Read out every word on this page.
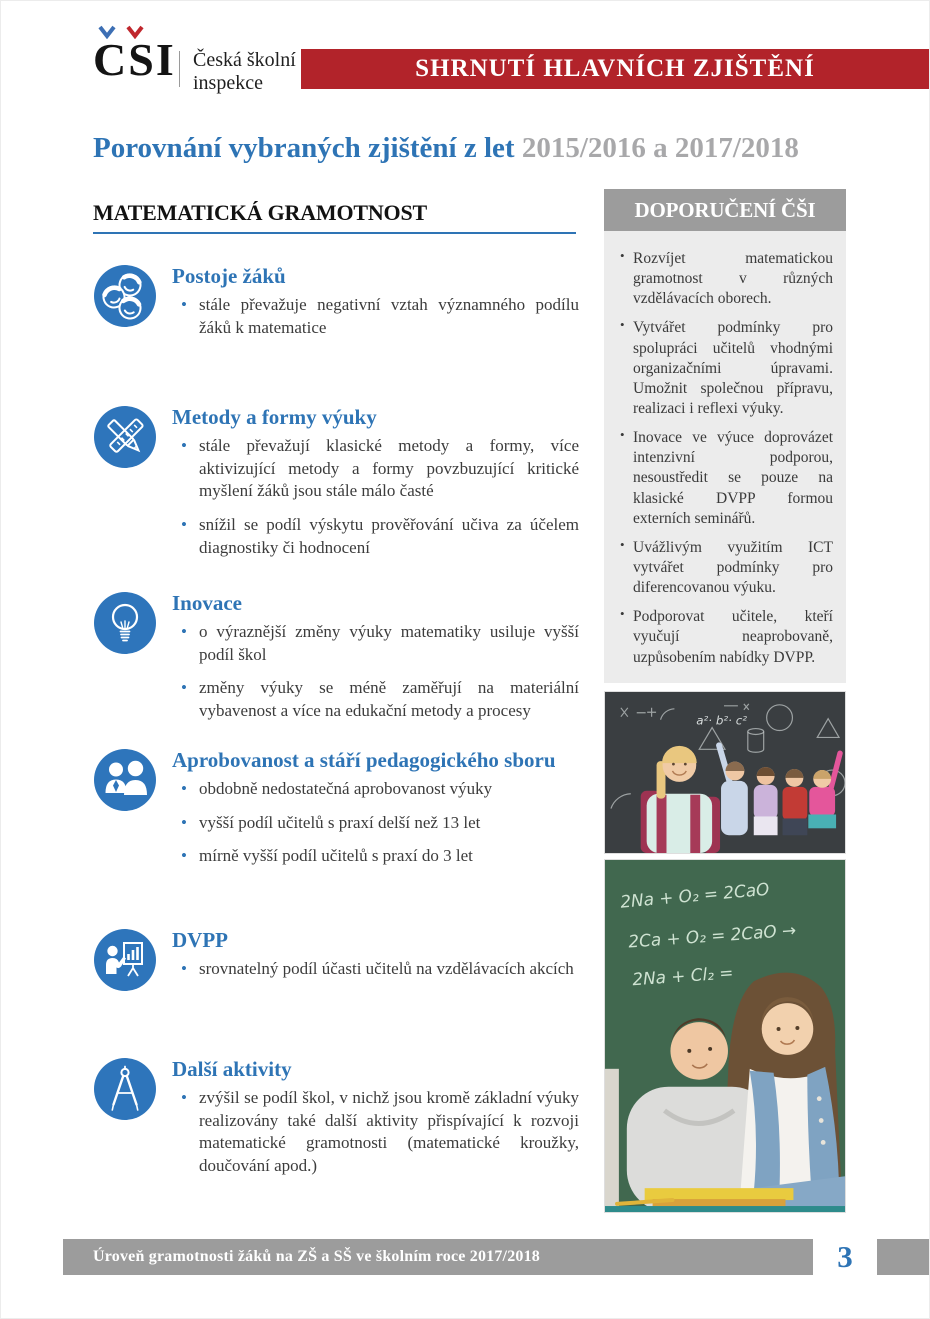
CSI Česká školní
inspekce
SHRNUTÍ HLAVNÍCH ZJIŠTĚNÍ
Porovnání vybraných zjištění z let 2015/2016 a 2017/2018
MATEMATICKÁ GRAMOTNOST
Postoje žáků
• stále převažuje negativní vztah významného podílu žáků k matematice
Metody a formy výuky
• stále převažují klasické metody a formy, více aktivizující metody a formy povzbuzující kritické myšlení žáků jsou stále málo časté
• snížil se podíl výskytu prověřování učiva za účelem diagnostiky či hodnocení
Inovace
• o výraznější změny výuky matematiky usiluje vyšší podíl škol
• změny výuky se méně zaměřují na materiální vybavenost a více na edukační metody a procesy
Aprobovanost a stáří pedagogického sboru
• obdobně nedostatečná aprobovanost výuky
• vyšší podíl učitelů s praxí delší než 13 let
• mírně vyšší podíl učitelů s praxí do 3 let
DVPP
• srovnatelný podíl účasti učitelů na vzdělávacích akcích
Další aktivity
• zvýšil se podíl škol, v nichž jsou kromě základní výuky realizovány také další aktivity přispívající k rozvoji matematické gramotnosti (matematické kroužky, doučování apod.)
DOPORUČENÍ ČŠI
• Rozvíjet matematickou gramotnost v různých vzdělávacích oborech.
• Vytvářet podmínky pro spolupráci učitelů vhodnými organizačními úpravami. Umožnit společnou přípravu, realizaci i reflexi výuky.
• Inovace ve výuce doprovázet intenzivní podporou, nesoustředit se pouze na klasické DVPP formou externích seminářů.
• Uvážlivým využitím ICT vytvářet podmínky pro diferencovanou výuku.
• Podporovat učitele, kteří vyučují neaprobovaně, uzpůsobením nabídky DVPP.
a²· b²· c²
2Na + O₂ = 2CaO
2Ca + O₂ = 2CaO →
2Na + Cl₂ =
Úroveň gramotnosti žáků na ZŠ a SŠ ve školním roce 2017/2018	3
